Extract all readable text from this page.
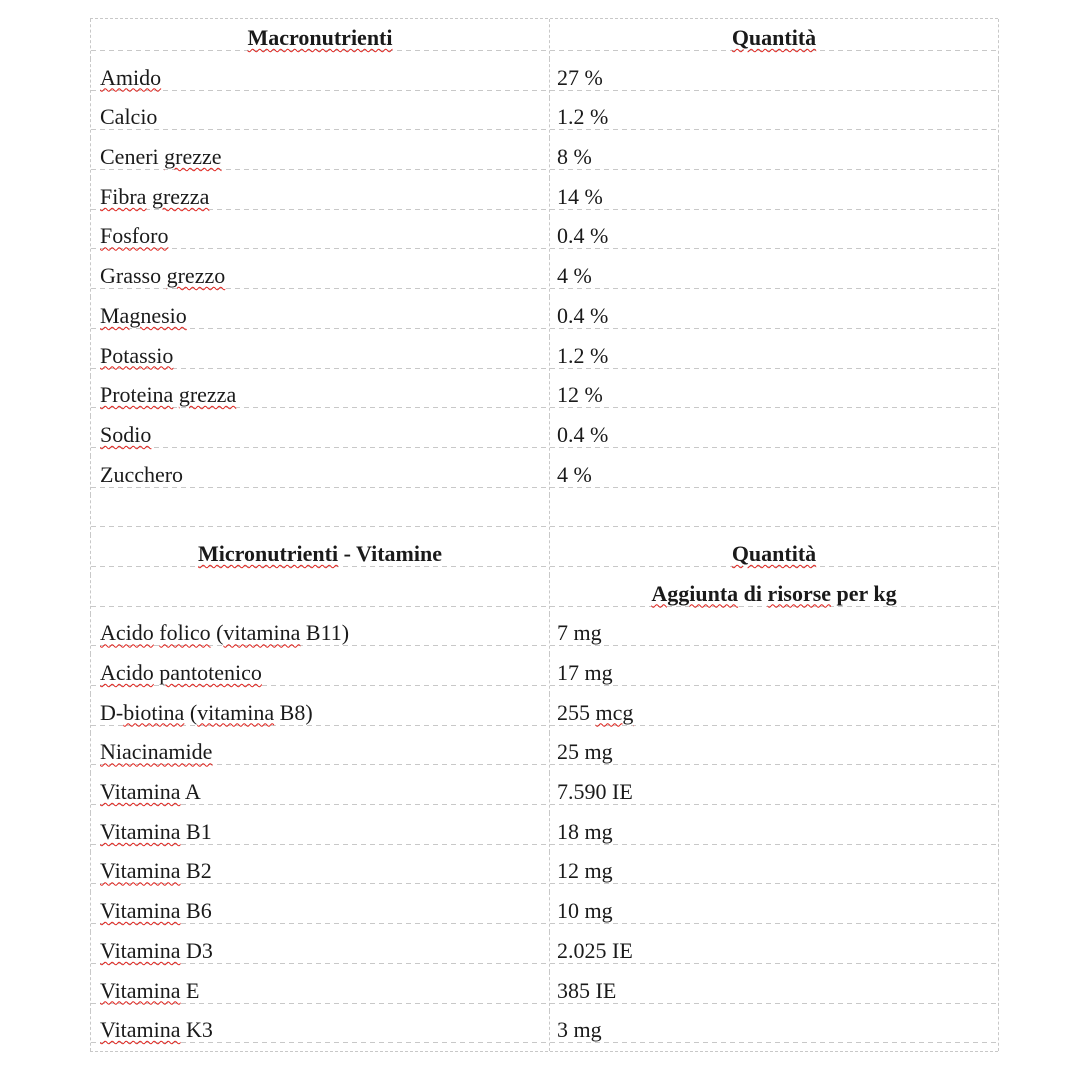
Macronutrienti	Quantità
Amido	27 %
Calcio	1.2 %
Ceneri grezze	8 %
Fibra grezza	14 %
Fosforo	0.4 %
Grasso grezzo	4 %
Magnesio	0.4 %
Potassio	1.2 %
Proteina grezza	12 %
Sodio	0.4 %
Zucchero	4 %

Micronutrienti - Vitamine	Quantità
	Aggiunta di risorse per kg
Acido folico (vitamina B11)	7 mg
Acido pantotenico	17 mg
D-biotina (vitamina B8)	255 mcg
Niacinamide	25 mg
Vitamina A	7.590 IE
Vitamina B1	18 mg
Vitamina B2	12 mg
Vitamina B6	10 mg
Vitamina D3	2.025 IE
Vitamina E	385 IE
Vitamina K3	3 mg
